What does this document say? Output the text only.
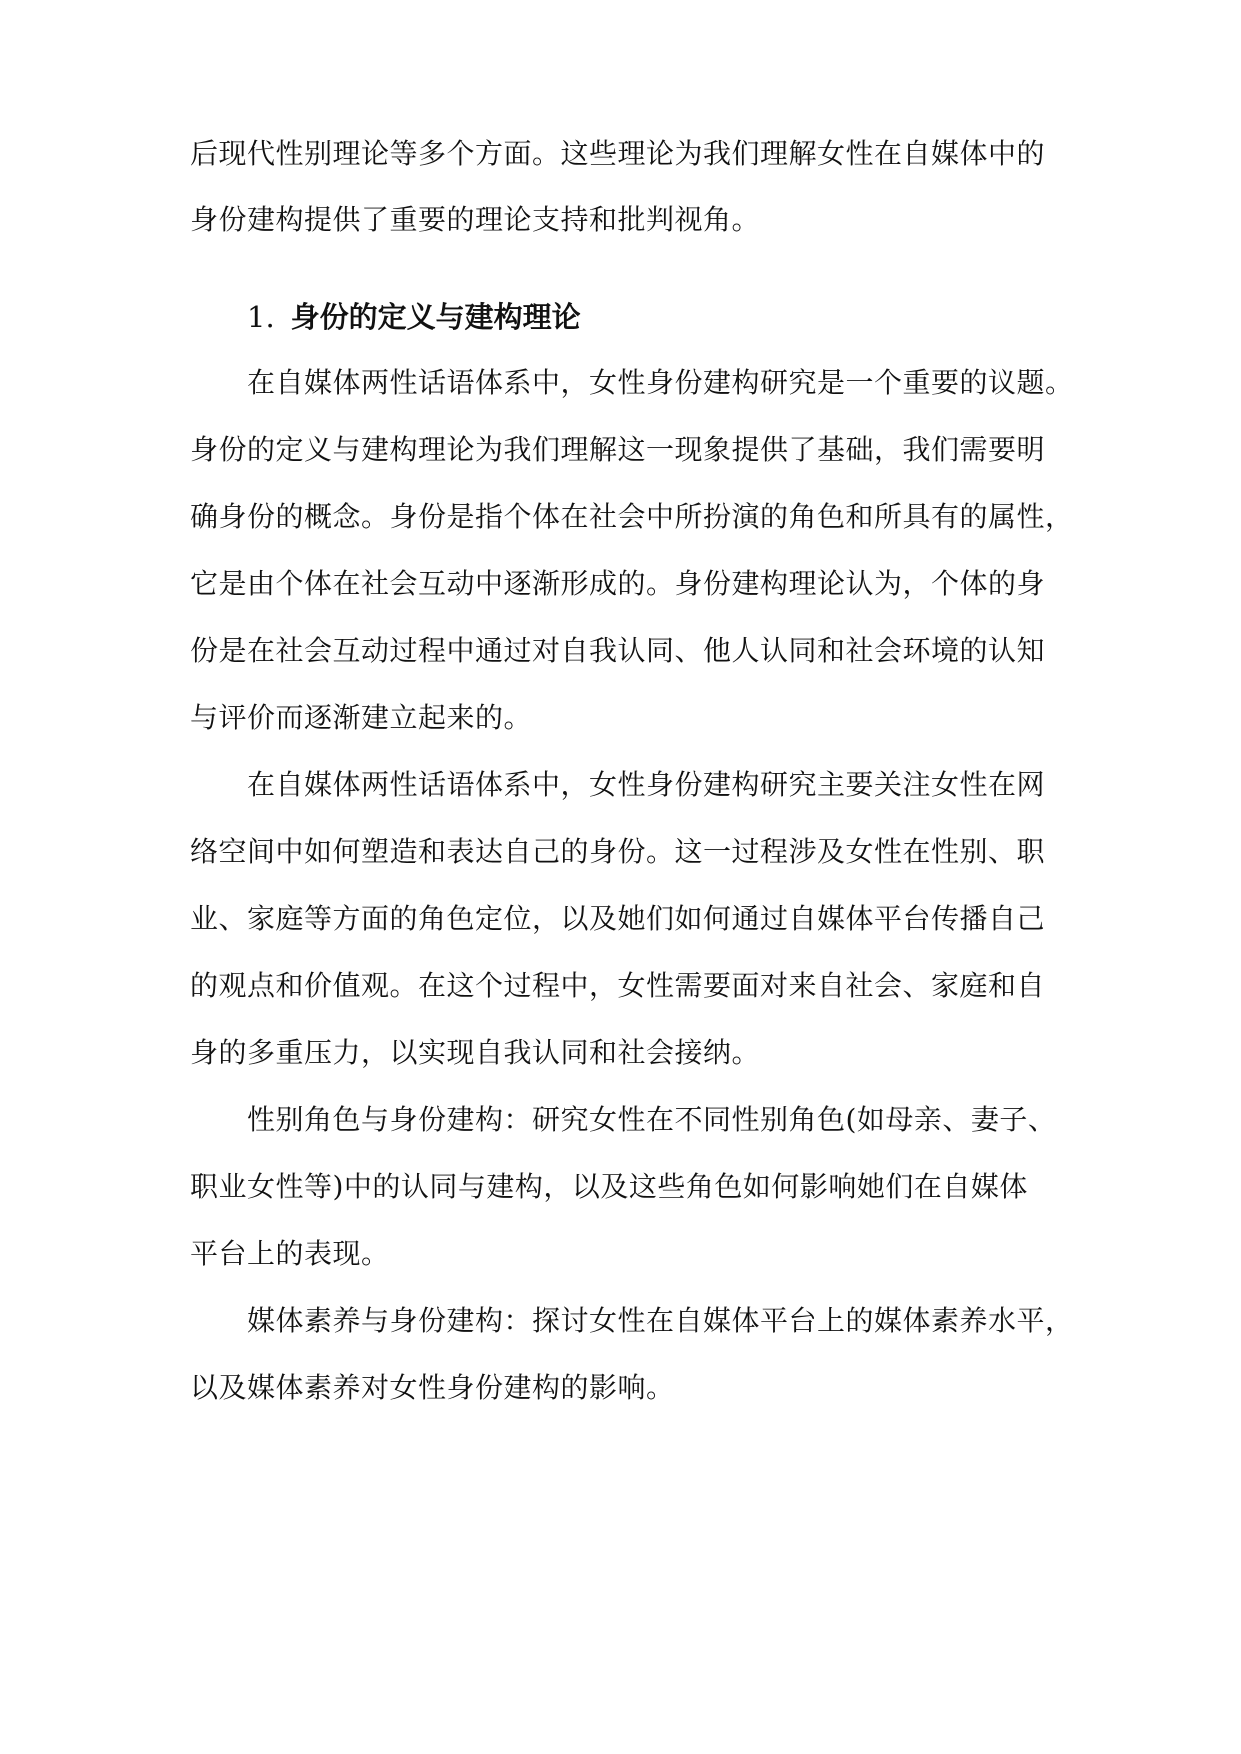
后现代性别理论等多个方面。这些理论为我们理解女性在自媒体中的
身份建构提供了重要的理论支持和批判视角。
1. 身份的定义与建构理论
在自媒体两性话语体系中，女性身份建构研究是一个重要的议题。
身份的定义与建构理论为我们理解这一现象提供了基础，我们需要明
确身份的概念。身份是指个体在社会中所扮演的角色和所具有的属性，
它是由个体在社会互动中逐渐形成的。身份建构理论认为，个体的身
份是在社会互动过程中通过对自我认同、他人认同和社会环境的认知
与评价而逐渐建立起来的。
在自媒体两性话语体系中，女性身份建构研究主要关注女性在网
络空间中如何塑造和表达自己的身份。这一过程涉及女性在性别、职
业、家庭等方面的角色定位，以及她们如何通过自媒体平台传播自己
的观点和价值观。在这个过程中，女性需要面对来自社会、家庭和自
身的多重压力，以实现自我认同和社会接纳。
性别角色与身份建构：研究女性在不同性别角色(如母亲、妻子、
职业女性等)中的认同与建构，以及这些角色如何影响她们在自媒体
平台上的表现。
媒体素养与身份建构：探讨女性在自媒体平台上的媒体素养水平，
以及媒体素养对女性身份建构的影响。
